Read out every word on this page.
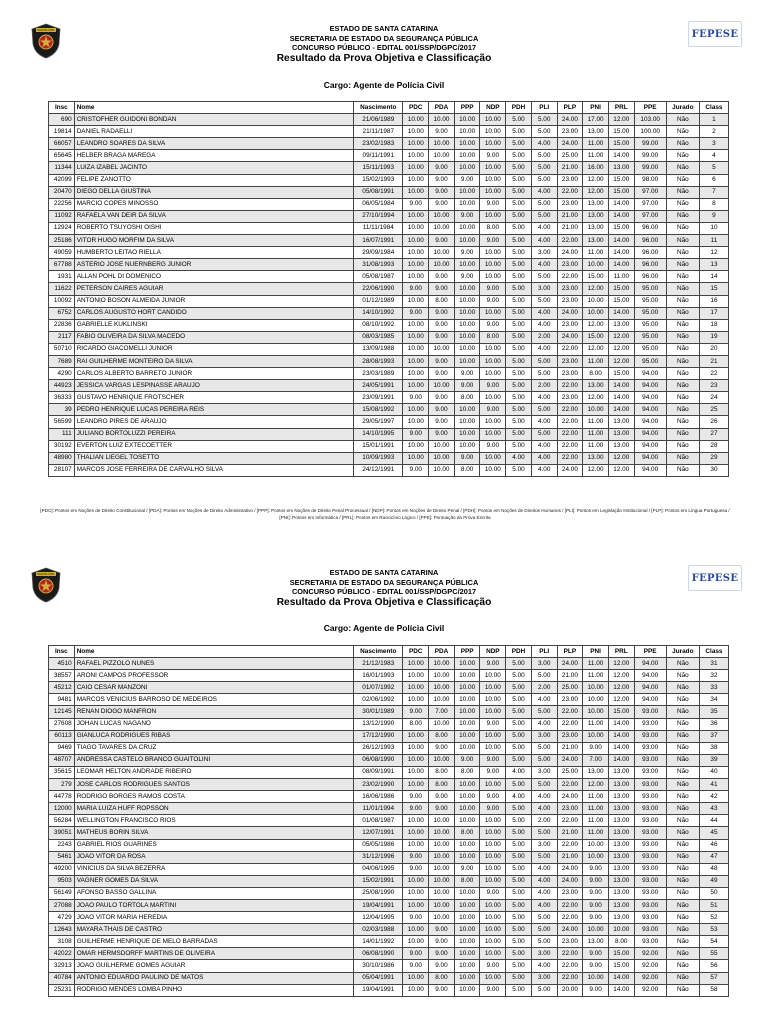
POLÍCIA CIVIL	FEPESE
ESTADO DE SANTA CATARINA
SECRETARIA DE ESTADO DA SEGURANÇA PÚBLICA
CONCURSO PÚBLICO - EDITAL 001/SSP/DGPC/2017
Resultado da Prova Objetiva e Classificação
Cargo: Agente de Polícia Civil
Insc	Nome	Nascimento	PDC	PDA	PPP	NDP	PDH	PLI	PLP	PNI	PRL	PPE	Jurado	Class
690	CRISTOFHER GUIDONI BONDAN	21/06/1989	10.00	10.00	10.00	10.00	5.00	5.00	24.00	17.00	12.00	103.00	Não	1
19814	DANIEL RADAELLI	21/11/1987	10.00	9.00	10.00	10.00	5.00	5.00	23.00	13.00	15.00	100.00	Não	2
66057	LEANDRO SOARES DA SILVA	23/02/1983	10.00	10.00	10.00	10.00	5.00	4.00	24.00	11.00	15.00	99.00	Não	3
65645	HELBER BRAGA MAREGA	09/11/1991	10.00	10.00	10.00	9.00	5.00	5.00	25.00	11.00	14.00	99.00	Não	4
11344	LUIZA IZABEL JACINTO	15/11/1993	10.00	9.00	10.00	10.00	5.00	5.00	21.00	16.00	13.00	99.00	Não	5
42099	FELIPE ZANOTTO	15/02/1993	10.00	9.00	9.00	10.00	5.00	5.00	23.00	12.00	15.00	98.00	Não	6
20470	DIEGO DELLA GIUSTINA	05/08/1991	10.00	9.00	10.00	10.00	5.00	4.00	22.00	12.00	15.00	97.00	Não	7
22256	MARCIO COPES MINOSSO	06/05/1984	9.00	9.00	10.00	9.00	5.00	5.00	23.00	13.00	14.00	97.00	Não	8
11092	RAFAELA VAN DEIR DA SILVA	27/10/1994	10.00	10.00	9.00	10.00	5.00	5.00	21.00	13.00	14.00	97.00	Não	9
12924	ROBERTO TSUYOSHI OISHI	11/11/1984	10.00	10.00	10.00	8.00	5.00	4.00	21.00	13.00	15.00	96.00	Não	10
25186	VITOR HUGO MORFIM DA SILVA	16/07/1991	10.00	9.00	10.00	9.00	5.00	4.00	22.00	13.00	14.00	96.00	Não	11
49059	HUMBERTO LEITAO RIELLA	29/09/1984	10.00	10.00	9.00	10.00	5.00	3.00	24.00	11.00	14.00	96.00	Não	12
67788	ASTERIO JOSE NUERNBERG JUNIOR	31/08/1993	10.00	10.00	10.00	10.00	5.00	4.00	23.00	10.00	14.00	96.00	Não	13
1931	ALLAN POHL DI DOMENICO	05/08/1987	10.00	9.00	9.00	10.00	5.00	5.00	22.00	15.00	11.00	96.00	Não	14
11622	PETERSON CAIRES AGUIAR	22/06/1990	9.00	9.00	10.00	9.00	5.00	3.00	23.00	12.00	15.00	95.00	Não	15
10092	ANTONIO BOSON ALMEIDA JUNIOR	01/12/1989	10.00	8.00	10.00	9.00	5.00	5.00	23.00	10.00	15.00	95.00	Não	16
6752	CARLOS AUGUSTO HORT CANDIDO	14/10/1992	9.00	9.00	10.00	10.00	5.00	4.00	24.00	10.00	14.00	95.00	Não	17
22836	GABRIELLE KUKLINSKI	08/10/1992	10.00	9.00	10.00	9.00	5.00	4.00	23.00	12.00	13.00	95.00	Não	18
2117	FABIO OLIVEIRA DA SILVA MACEDO	08/03/1985	10.00	9.00	10.00	8.00	5.00	2.00	24.00	15.00	12.00	95.00	Não	19
50710	RICARDO GIACOMELLI JUNIOR	13/09/1988	10.00	10.00	10.00	10.00	5.00	4.00	22.00	12.00	12.00	95.00	Não	20
7689	RAI GUILHERME MONTEIRO DA SILVA	28/08/1993	10.00	9.00	10.00	10.00	5.00	5.00	23.00	11.00	12.00	95.00	Não	21
4290	CARLOS ALBERTO BARRETO JUNIOR	23/03/1989	10.00	9.00	9.00	10.00	5.00	5.00	23.00	8.00	15.00	94.00	Não	22
44923	JESSICA VARGAS LESPINASSE ARAUJO	24/05/1991	10.00	10.00	9.00	9.00	5.00	2.00	22.00	13.00	14.00	94.00	Não	23
36333	GUSTAVO HENRIQUE FROTSCHER	23/09/1991	9.00	9.00	8.00	10.00	5.00	4.00	23.00	12.00	14.00	94.00	Não	24
39	PEDRO HENRIQUE LUCAS PEREIRA REIS	15/08/1992	10.00	9.00	10.00	9.00	5.00	5.00	22.00	10.00	14.00	94.00	Não	25
56599	LEANDRO PIRES DE ARAUJO	29/05/1997	10.00	9.00	10.00	10.00	5.00	4.00	22.00	11.00	13.00	94.00	Não	26
111	JULIANO BORTOLUZZI PEREIRA	14/10/1995	9.00	9.00	10.00	10.00	5.00	5.00	22.00	11.00	13.00	94.00	Não	27
30192	EVERTON LUIZ EXTECOETTER	15/01/1991	10.00	10.00	10.00	9.00	5.00	4.00	22.00	11.00	13.00	94.00	Não	28
48980	THALIAN LIEGEL TOSETTO	10/09/1993	10.00	10.00	9.00	10.00	4.00	4.00	22.00	13.00	12.00	94.00	Não	29
28107	MARCOS JOSE FERREIRA DE CARVALHO SILVA	24/12/1991	9.00	10.00	8.00	10.00	5.00	4.00	24.00	12.00	12.00	94.00	Não	30
[PDC]: Pontos em Noções de Direito Constitucional / [PDA]: Pontos em Noções de Direito Administrativo / [PPP]: Pontos em Noções de Direito Penal Processual / [NDP]: Pontos em Noções de Direito Penal / [PDH]: Pontos em Noções de Direitos Humanos / [PLI]: Pontos em Legislação Institucional / [PLP]: Pontos em Língua Portuguesa / [PNI]: Pontos em Informática / [PRL]: Pontos em Raciocínio Lógico / [PPE]: Pontuação da Prova Escrita
POLÍCIA CIVIL	FEPESE
ESTADO DE SANTA CATARINA
SECRETARIA DE ESTADO DA SEGURANÇA PÚBLICA
CONCURSO PÚBLICO - EDITAL 001/SSP/DGPC/2017
Resultado da Prova Objetiva e Classificação
Cargo: Agente de Polícia Civil
Insc	Nome	Nascimento	PDC	PDA	PPP	NDP	PDH	PLI	PLP	PNI	PRL	PPE	Jurado	Class
4510	RAFAEL PIZZOLO NUNES	21/12/1983	10.00	10.00	10.00	9.00	5.00	3.00	24.00	11.00	12.00	94.00	Não	31
38557	ARONI CAMPOS PROFESSOR	16/01/1993	10.00	10.00	10.00	10.00	5.00	5.00	21.00	11.00	12.00	94.00	Não	32
45212	CAIO CESAR MANZONI	01/07/1992	10.00	10.00	10.00	10.00	5.00	2.00	25.00	10.00	12.00	94.00	Não	33
9481	MARCOS VENICIUS BARROSO DE MEDEIROS	02/06/1992	10.00	10.00	10.00	10.00	5.00	4.00	23.00	10.00	12.00	94.00	Não	34
12145	RENAN DIOGO MANFRON	30/01/1989	9.00	7.00	10.00	10.00	5.00	5.00	22.00	10.00	15.00	93.00	Não	35
27608	JOHAN LUCAS NAGANO	13/12/1990	8.00	10.00	10.00	9.00	5.00	4.00	22.00	11.00	14.00	93.00	Não	36
60113	GIANLUCA RODRIGUES RIBAS	17/12/1990	10.00	8.00	10.00	10.00	5.00	3.00	23.00	10.00	14.00	93.00	Não	37
9469	TIAGO TAVARES DA CRUZ	26/12/1993	10.00	9.00	10.00	10.00	5.00	5.00	21.00	9.00	14.00	93.00	Não	38
48707	ANDRESSA CASTELO BRANCO GUAITOLINI	06/08/1990	10.00	10.00	9.00	9.00	5.00	5.00	24.00	7.00	14.00	93.00	Não	39
35615	LEOMAR HELTON ANDRADE RIBEIRO	08/09/1991	10.00	8.00	8.00	9.00	4.00	3.00	25.00	13.00	13.00	93.00	Não	40
279	JOSE CARLOS RODRIGUES SANTOS	23/02/1990	10.00	8.00	10.00	10.00	5.00	5.00	22.00	12.00	13.00	93.00	Não	41
44778	RODRIGO BORGES RAMOS COSTA	16/06/1986	9.00	9.00	10.00	9.00	4.00	4.00	24.00	11.00	13.00	93.00	Não	42
12000	MARIA LUIZA HUFF ROPSSON	11/01/1994	9.00	9.00	10.00	9.00	5.00	4.00	23.00	11.00	13.00	93.00	Não	43
56284	WELLINGTON FRANCISCO RIOS	01/08/1987	10.00	10.00	10.00	10.00	5.00	2.00	22.00	11.00	13.00	93.00	Não	44
39051	MATHEUS BORIN SILVA	12/07/1991	10.00	10.00	8.00	10.00	5.00	5.00	21.00	11.00	13.00	93.00	Não	45
2243	GABRIEL RIOS GUARINES	05/05/1986	10.00	10.00	10.00	10.00	5.00	3.00	22.00	10.00	13.00	93.00	Não	46
5461	JOAO VITOR DA ROSA	31/12/1996	9.00	10.00	10.00	10.00	5.00	5.00	21.00	10.00	13.00	93.00	Não	47
49200	VINICIUS DA SILVA BEZERRA	04/06/1995	9.00	10.00	9.00	10.00	5.00	4.00	24.00	9.00	13.00	93.00	Não	48
9503	VAGNER GOMES DA SILVA	15/02/1991	10.00	10.00	8.00	10.00	5.00	4.00	24.00	9.00	13.00	93.00	Não	49
56149	AFONSO BASSO GALLINA	25/08/1990	10.00	10.00	10.00	9.00	5.00	4.00	23.00	9.00	13.00	93.00	Não	50
27088	JOAO PAULO TORTOLA MARTINI	19/04/1991	10.00	10.00	10.00	10.00	5.00	4.00	22.00	9.00	13.00	93.00	Não	51
4729	JOAO VITOR MARIA HEREDIA	12/04/1995	9.00	10.00	10.00	10.00	5.00	5.00	22.00	9.00	13.00	93.00	Não	52
12643	MAYARA THAIS DE CASTRO	02/03/1988	10.00	9.00	10.00	10.00	5.00	5.00	24.00	10.00	10.00	93.00	Não	53
3108	GUILHERME HENRIQUE DE MELO BARRADAS	14/01/1992	10.00	9.00	10.00	10.00	5.00	5.00	23.00	13.00	8.00	93.00	Não	54
42022	OMAR HERMSDORFF MARTINS DE OLIVEIRA	06/08/1990	9.00	9.00	10.00	10.00	5.00	3.00	22.00	9.00	15.00	92.00	Não	55
32913	JOAO GUILHERME GOMES AGUIAR	30/10/1986	9.00	9.00	10.00	9.00	5.00	4.00	22.00	9.00	15.00	92.00	Não	56
40784	ANTONIO EDUARDO PAULINO DE MATOS	05/04/1991	10.00	8.00	10.00	10.00	5.00	3.00	22.00	10.00	14.00	92.00	Não	57
25231	RODRIGO MENDES LOMBA PINHO	19/04/1991	10.00	9.00	10.00	9.00	5.00	5.00	20.00	9.00	14.00	92.00	Não	58
